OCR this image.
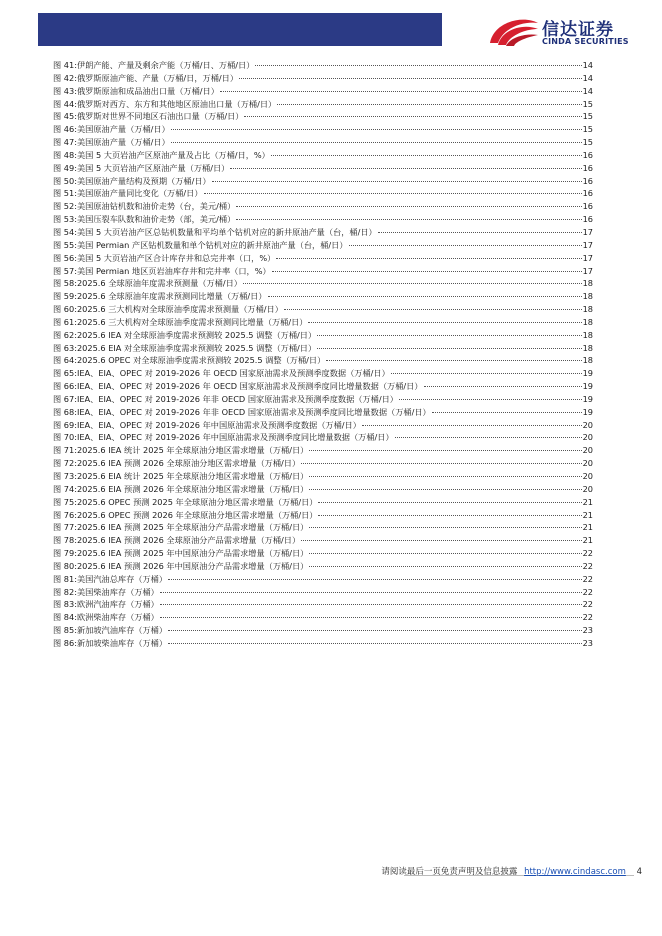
信达证券
CINDA SECURITIES
图 41: 伊朗产能、产量及剩余产能（万桶/日、万桶/日）	14
图 42: 俄罗斯原油产能、产量（万桶/日，万桶/日）	14
图 43: 俄罗斯原油和成品油出口量（万桶/日）	14
图 44: 俄罗斯对西方、东方和其他地区原油出口量（万桶/日）	15
图 45: 俄罗斯对世界不同地区石油出口量（万桶/日）	15
图 46: 美国原油产量（万桶/日）	15
图 47: 美国原油产量（万桶/日）	15
图 48: 美国 5 大页岩油产区原油产量及占比（万桶/日，%）	16
图 49: 美国 5 大页岩油产区原油产量（万桶/日）	16
图 50: 美国原油产量结构及预期（万桶/日）	16
图 51: 美国原油产量同比变化（万桶/日）	16
图 52: 美国原油钻机数和油价走势（台，美元/桶）	16
图 53: 美国压裂车队数和油价走势（部，美元/桶）	16
图 54: 美国 5 大页岩油产区总钻机数量和平均单个钻机对应的新井原油产量（台，桶/日）	17
图 55: 美国 Permian 产区钻机数量和单个钻机对应的新井原油产量（台，桶/日）	17
图 56: 美国 5 大页岩油产区合计库存井和总完井率（口，%）	17
图 57: 美国 Permian 地区页岩油库存井和完井率（口，%）	17
图 58: 2025.6 全球原油年度需求预测量（万桶/日）	18
图 59: 2025.6 全球原油年度需求预测同比增量（万桶/日）	18
图 60: 2025.6 三大机构对全球原油季度需求预测量（万桶/日）	18
图 61: 2025.6 三大机构对全球原油季度需求预测同比增量（万桶/日）	18
图 62: 2025.6 IEA 对全球原油季度需求预测较 2025.5 调整（万桶/日）	18
图 63: 2025.6 EIA 对全球原油季度需求预测较 2025.5 调整（万桶/日）	18
图 64: 2025.6 OPEC 对全球原油季度需求预测较 2025.5 调整（万桶/日）	18
图 65: IEA、EIA、OPEC 对 2019-2026 年 OECD 国家原油需求及预测季度数据（万桶/日）	19
图 66: IEA、EIA、OPEC 对 2019-2026 年 OECD 国家原油需求及预测季度同比增量数据（万桶/日）	19
图 67: IEA、EIA、OPEC 对 2019-2026 年非 OECD 国家原油需求及预测季度数据（万桶/日）	19
图 68: IEA、EIA、OPEC 对 2019-2026 年非 OECD 国家原油需求及预测季度同比增量数据（万桶/日）	19
图 69: IEA、EIA、OPEC 对 2019-2026 年中国原油需求及预测季度数据（万桶/日）	20
图 70: IEA、EIA、OPEC 对 2019-2026 年中国原油需求及预测季度同比增量数据（万桶/日）	20
图 71: 2025.6 IEA 统计 2025 年全球原油分地区需求增量（万桶/日）	20
图 72: 2025.6 IEA 预测 2026 全球原油分地区需求增量（万桶/日）	20
图 73: 2025.6 EIA 统计 2025 年全球原油分地区需求增量（万桶/日）	20
图 74: 2025.6 EIA 预测 2026 年全球原油分地区需求增量（万桶/日）	20
图 75: 2025.6 OPEC 预测 2025 年全球原油分地区需求增量（万桶/日）	21
图 76: 2025.6 OPEC 预测 2026 年全球原油分地区需求增量（万桶/日）	21
图 77: 2025.6 IEA 预测 2025 年全球原油分产品需求增量（万桶/日）	21
图 78: 2025.6 IEA 预测 2026 全球原油分产品需求增量（万桶/日）	21
图 79: 2025.6 IEA 预测 2025 年中国原油分产品需求增量（万桶/日）	22
图 80: 2025.6 IEA 预测 2026 年中国原油分产品需求增量（万桶/日）	22
图 81: 美国汽油总库存（万桶）	22
图 82: 美国柴油库存（万桶）	22
图 83: 欧洲汽油库存（万桶）	22
图 84: 欧洲柴油库存（万桶）	22
图 85: 新加坡汽油库存（万桶）	23
图 86: 新加坡柴油库存（万桶）	23
请阅读最后一页免责声明及信息披露 http://www.cindasc.com 4
